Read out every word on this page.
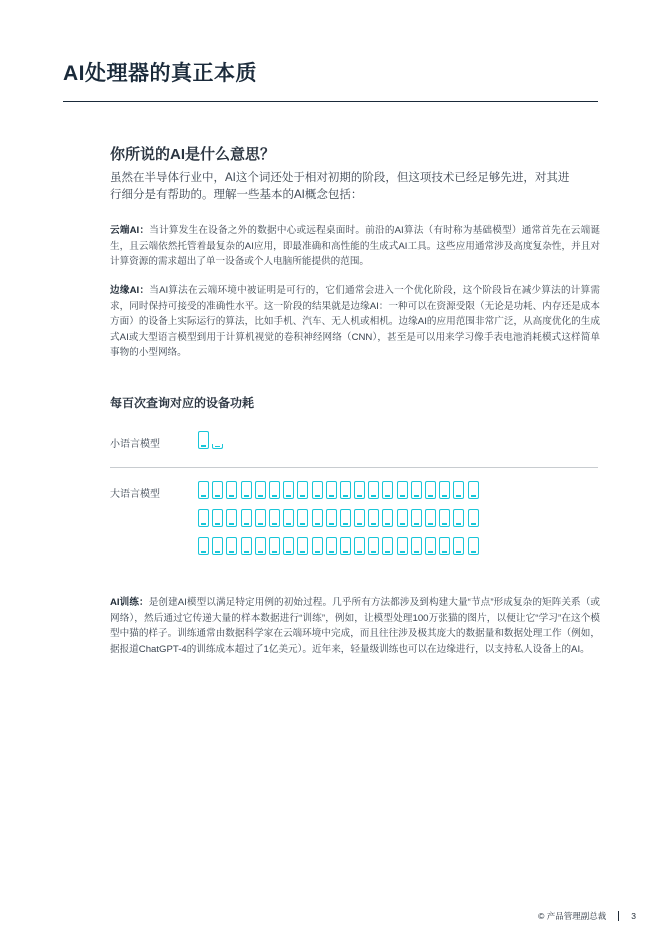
AI处理器的真正本质
你所说的AI是什么意思？

虽然在半导体行业中，AI这个词还处于相对初期的阶段，但这项技术已经足够先进，对其进行细分是有帮助的。理解一些基本的AI概念包括：

云端AI：当计算发生在设备之外的数据中心或远程桌面时。前沿的AI算法（有时称为基础模型）通常首先在云端诞生，且云端依然托管着最复杂的AI应用，即最准确和高性能的生成式AI工具。这些应用通常涉及高度复杂性，并且对计算资源的需求超出了单一设备或个人电脑所能提供的范围。

边缘AI：当AI算法在云端环境中被证明是可行的，它们通常会进入一个优化阶段，这个阶段旨在减少算法的计算需求，同时保持可接受的准确性水平。这一阶段的结果就是边缘AI：一种可以在资源受限（无论是功耗、内存还是成本方面）的设备上实际运行的算法，比如手机、汽车、无人机或相机。边缘AI的应用范围非常广泛，从高度优化的生成式AI或大型语言模型到用于计算机视觉的卷积神经网络（CNN），甚至是可以用来学习像手表电池消耗模式这样简单事物的小型网络。

每百次查询对应的设备功耗
小语言模型
大语言模型

AI训练：是创建AI模型以满足特定用例的初始过程。几乎所有方法都涉及到构建大量“节点”形成复杂的矩阵关系（或网络），然后通过它传递大量的样本数据进行“训练”，例如，让模型处理100万张猫的图片，以便让它“学习”在这个模型中猫的样子。训练通常由数据科学家在云端环境中完成，而且往往涉及极其庞大的数据量和数据处理工作（例如，据报道ChatGPT-4的训练成本超过了1亿美元）。近年来，轻量级训练也可以在边缘进行，以支持私人设备上的AI。

© 产品管理副总裁	3
